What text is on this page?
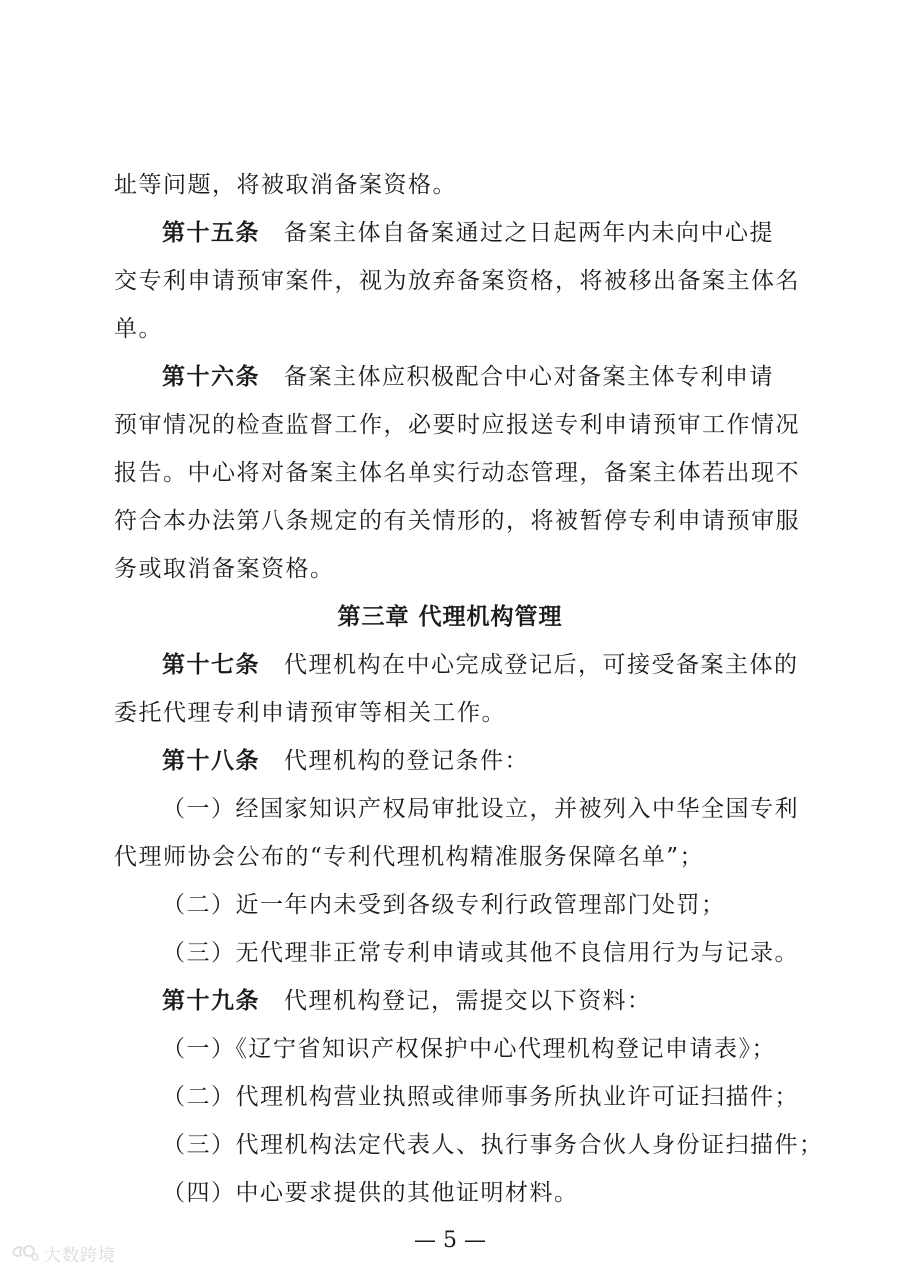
址等问题，将被取消备案资格。
第十五条 备案主体自备案通过之日起两年内未向中心提
交专利申请预审案件，视为放弃备案资格，将被移出备案主体名
单。
第十六条 备案主体应积极配合中心对备案主体专利申请
预审情况的检查监督工作，必要时应报送专利申请预审工作情况
报告。中心将对备案主体名单实行动态管理，备案主体若出现不
符合本办法第八条规定的有关情形的，将被暂停专利申请预审服
务或取消备案资格。
第三章 代理机构管理
第十七条 代理机构在中心完成登记后，可接受备案主体的
委托代理专利申请预审等相关工作。
第十八条 代理机构的登记条件：
（一）经国家知识产权局审批设立，并被列入中华全国专利
代理师协会公布的“专利代理机构精准服务保障名单”；
（二）近一年内未受到各级专利行政管理部门处罚；
（三）无代理非正常专利申请或其他不良信用行为与记录。
第十九条 代理机构登记，需提交以下资料：
（一）《辽宁省知识产权保护中心代理机构登记申请表》；
（二）代理机构营业执照或律师事务所执业许可证扫描件；
（三）代理机构法定代表人、执行事务合伙人身份证扫描件；
（四）中心要求提供的其他证明材料。
— 5 —
大数跨境
